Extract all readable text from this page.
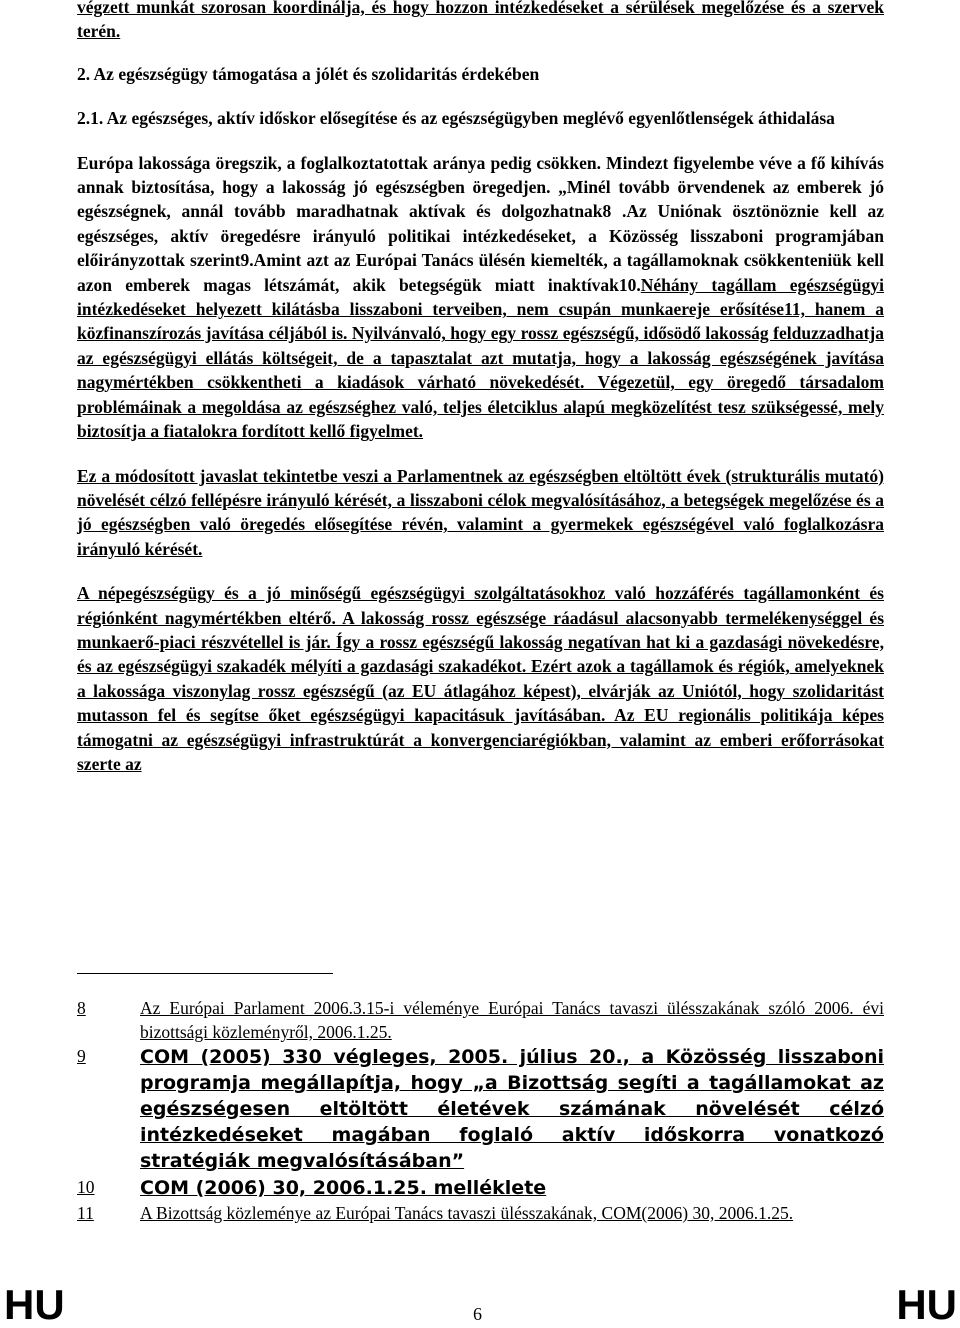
végzett munkát szorosan koordinálja, és hogy hozzon intézkedéseket a sérülések megelőzése és a szervek terén.

2. Az egészségügy támogatása a jólét és szolidaritás érdekében

2.1. Az egészséges, aktív időskor elősegítése és az egészségügyben meglévő egyenlőtlenségek áthidalása

Európa lakossága öregszik, a foglalkoztatottak aránya pedig csökken. Mindezt figyelembe véve a fő kihívás annak biztosítása, hogy a lakosság jó egészségben öregedjen. „Minél tovább örvendenek az emberek jó egészségnek, annál tovább maradhatnak aktívak és dolgozhatnak8 .Az Uniónak ösztönöznie kell az egészséges, aktív öregedésre irányuló politikai intézkedéseket, a Közösség lisszaboni programjában előirányzottak szerint9.Amint azt az Európai Tanács ülésén kiemelték, a tagállamoknak csökkenteniük kell azon emberek magas létszámát, akik betegségük miatt inaktívak10.Néhány tagállam egészségügyi intézkedéseket helyezett kilátásba lisszaboni terveiben, nem csupán munkaereje erősítése11, hanem a közfinanszírozás javítása céljából is. Nyilvánvaló, hogy egy rossz egészségű, idősödő lakosság felduzzadhatja az egészségügyi ellátás költségeit, de a tapasztalat azt mutatja, hogy a lakosság egészségének javítása nagymértékben csökkentheti a kiadások várható növekedését. Végezetül, egy öregedő társadalom problémáinak a megoldása az egészséghez való, teljes életciklus alapú megközelítést tesz szükségessé, mely biztosítja a fiatalokra fordított kellő figyelmet.

Ez a módosított javaslat tekintetbe veszi a Parlamentnek az egészségben eltöltött évek (strukturális mutató) növelését célzó fellépésre irányuló kérését, a lisszaboni célok megvalósításához, a betegségek megelőzése és a jó egészségben való öregedés elősegítése révén, valamint a gyermekek egészségével való foglalkozásra irányuló kérését.

A népegészségügy és a jó minőségű egészségügyi szolgáltatásokhoz való hozzáférés tagállamonként és régiónként nagymértékben eltérő. A lakosság rossz egészsége ráadásul alacsonyabb termelékenységgel és munkaerő-piaci részvétellel is jár. Így a rossz egészségű lakosság negatívan hat ki a gazdasági növekedésre, és az egészségügyi szakadék mélyíti a gazdasági szakadékot. Ezért azok a tagállamok és régiók, amelyeknek a lakossága viszonylag rossz egészségű (az EU átlagához képest), elvárják az Uniótól, hogy szolidaritást mutasson fel és segítse őket egészségügyi kapacitásuk javításában. Az EU regionális politikája képes támogatni az egészségügyi infrastruktúrát a konvergenciarégiókban, valamint az emberi erőforrásokat szerte az

8	Az Európai Parlament 2006.3.15-i véleménye Európai Tanács tavaszi ülésszakának szóló 2006. évi bizottsági közleményről, 2006.1.25.
9	COM (2005) 330 végleges, 2005. július 20., a Közösség lisszaboni programja megállapítja, hogy „a Bizottság segíti a tagállamokat az egészségesen eltöltött életévek számának növelését célzó intézkedéseket magában foglaló aktív időskorra vonatkozó stratégiák megvalósításában”
10	COM (2006) 30, 2006.1.25. melléklete
11	A Bizottság közleménye az Európai Tanács tavaszi ülésszakának, COM(2006) 30, 2006.1.25.
HU	6	HU
